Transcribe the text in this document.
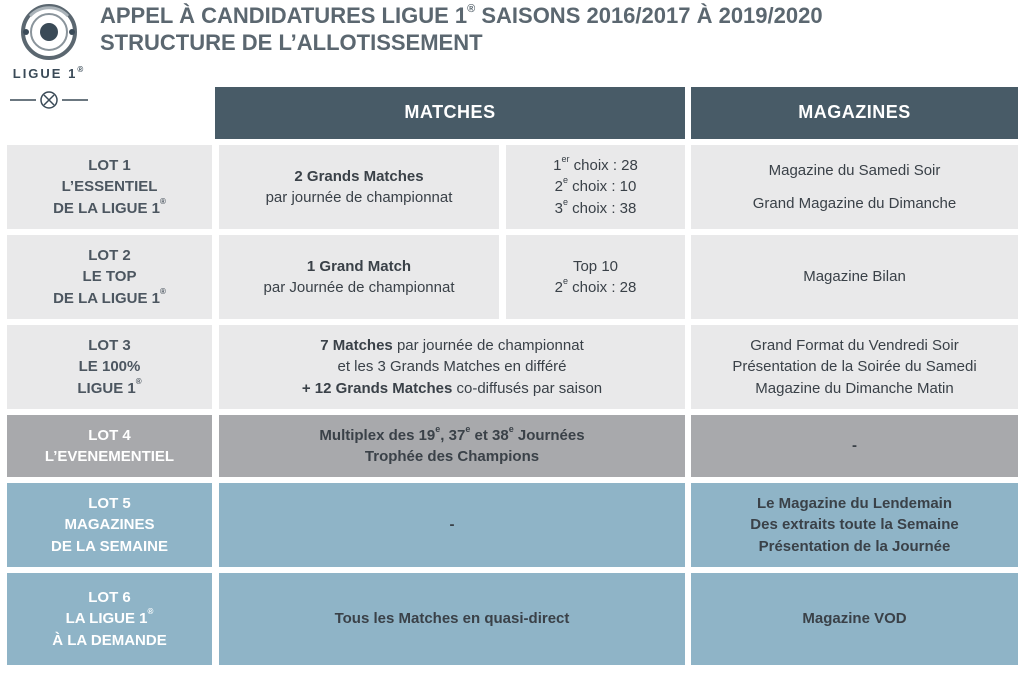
LIGUE 1®
APPEL À CANDIDATURES LIGUE 1® SAISONS 2016/2017 À 2019/2020
STRUCTURE DE L’ALLOTISSEMENT
MATCHES	MAGAZINES
LOT 1
L’ESSENTIEL
DE LA LIGUE 1®
2 Grands Matches
par journée de championnat
1er choix : 28
2e choix : 10
3e choix : 38
Magazine du Samedi Soir
Grand Magazine du Dimanche
LOT 2
LE TOP
DE LA LIGUE 1®
1 Grand Match
par Journée de championnat
Top 10
2e choix : 28
Magazine Bilan
LOT 3
LE 100%
LIGUE 1®
7 Matches par journée de championnat
et les 3 Grands Matches en différé
+ 12 Grands Matches co-diffusés par saison
Grand Format du Vendredi Soir
Présentation de la Soirée du Samedi
Magazine du Dimanche Matin
LOT 4
L’EVENEMENTIEL
Multiplex des 19e, 37e et 38e Journées
Trophée des Champions
-
LOT 5
MAGAZINES
DE LA SEMAINE
-
Le Magazine du Lendemain
Des extraits toute la Semaine
Présentation de la Journée
LOT 6
LA LIGUE 1®
À LA DEMANDE
Tous les Matches en quasi-direct	Magazine VOD
